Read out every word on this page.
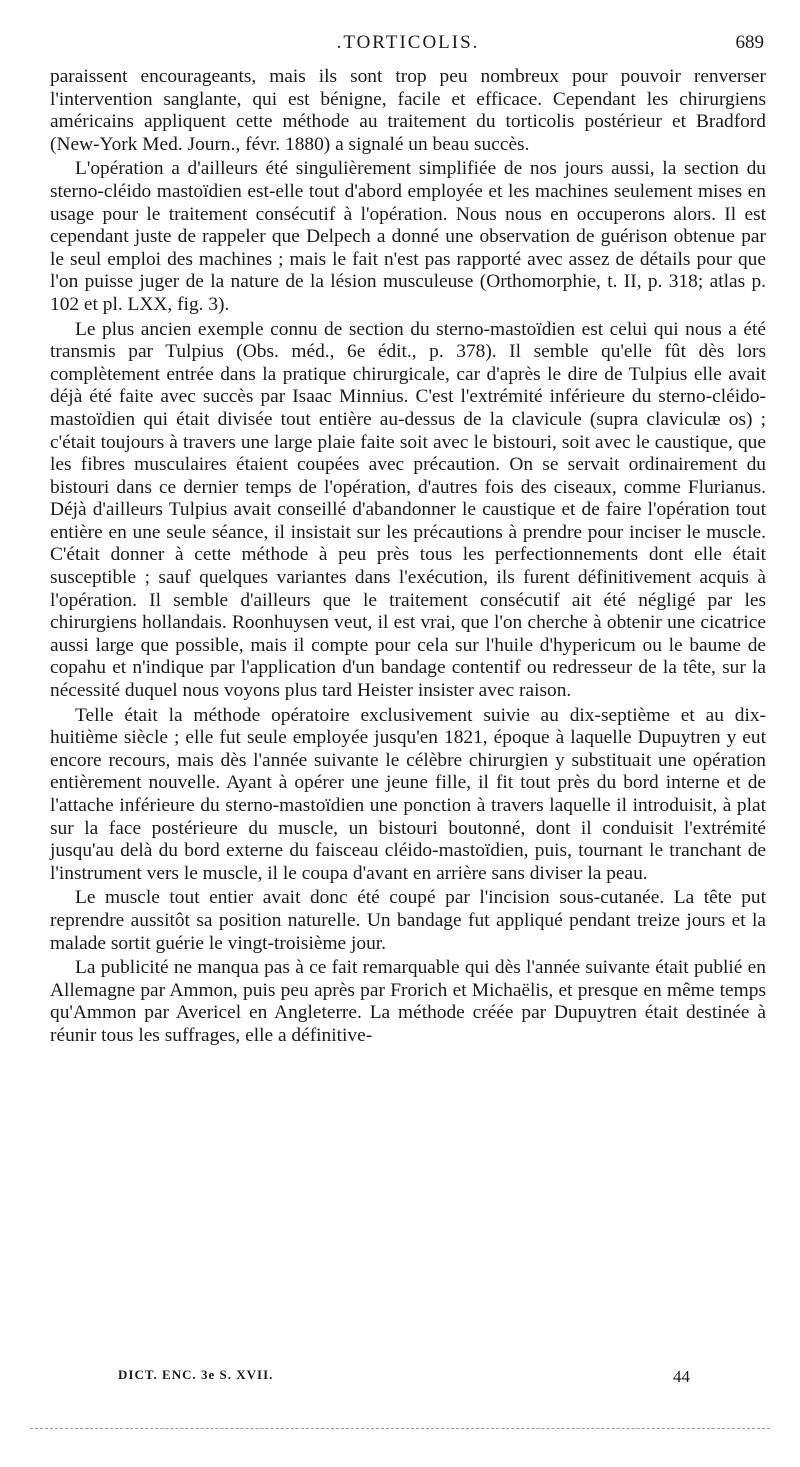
.TORTICOLIS.	689

paraissent encourageants, mais ils sont trop peu nombreux pour pouvoir renverser l'intervention sanglante, qui est bénigne, facile et efficace. Cependant les chirurgiens américains appliquent cette méthode au traitement du torticolis postérieur et Bradford (New-York Med. Journ., févr. 1880) a signalé un beau succès.

L'opération a d'ailleurs été singulièrement simplifiée de nos jours aussi, la section du sterno-cléido mastoïdien est-elle tout d'abord employée et les machines seulement mises en usage pour le traitement consécutif à l'opération. Nous nous en occuperons alors. Il est cependant juste de rappeler que Delpech a donné une observation de guérison obtenue par le seul emploi des machines ; mais le fait n'est pas rapporté avec assez de détails pour que l'on puisse juger de la nature de la lésion musculeuse (Orthomorphie, t. II, p. 318; atlas p. 102 et pl. LXX, fig. 3).

Le plus ancien exemple connu de section du sterno-mastoïdien est celui qui nous a été transmis par Tulpius (Obs. méd., 6e édit., p. 378). Il semble qu'elle fût dès lors complètement entrée dans la pratique chirurgicale, car d'après le dire de Tulpius elle avait déjà été faite avec succès par Isaac Minnius. C'est l'extrémité inférieure du sterno-cléido-mastoïdien qui était divisée tout entière au-dessus de la clavicule (supra claviculæ os) ; c'était toujours à travers une large plaie faite soit avec le bistouri, soit avec le caustique, que les fibres musculaires étaient coupées avec précaution. On se servait ordinairement du bistouri dans ce dernier temps de l'opération, d'autres fois des ciseaux, comme Flurianus. Déjà d'ailleurs Tulpius avait conseillé d'abandonner le caustique et de faire l'opération tout entière en une seule séance, il insistait sur les précautions à prendre pour inciser le muscle. C'était donner à cette méthode à peu près tous les perfectionnements dont elle était susceptible ; sauf quelques variantes dans l'exécution, ils furent définitivement acquis à l'opération. Il semble d'ailleurs que le traitement consécutif ait été négligé par les chirurgiens hollandais. Roonhuysen veut, il est vrai, que l'on cherche à obtenir une cicatrice aussi large que possible, mais il compte pour cela sur l'huile d'hypericum ou le baume de copahu et n'indique par l'application d'un bandage contentif ou redresseur de la tête, sur la nécessité duquel nous voyons plus tard Heister insister avec raison.

Telle était la méthode opératoire exclusivement suivie au dix-septième et au dix-huitième siècle ; elle fut seule employée jusqu'en 1821, époque à laquelle Dupuytren y eut encore recours, mais dès l'année suivante le célèbre chirurgien y substituait une opération entièrement nouvelle. Ayant à opérer une jeune fille, il fit tout près du bord interne et de l'attache inférieure du sterno-mastoïdien une ponction à travers laquelle il introduisit, à plat sur la face postérieure du muscle, un bistouri boutonné, dont il conduisit l'extrémité jusqu'au delà du bord externe du faisceau cléido-mastoïdien, puis, tournant le tranchant de l'instrument vers le muscle, il le coupa d'avant en arrière sans diviser la peau.

Le muscle tout entier avait donc été coupé par l'incision sous-cutanée. La tête put reprendre aussitôt sa position naturelle. Un bandage fut appliqué pendant treize jours et la malade sortit guérie le vingt-troisième jour.

La publicité ne manqua pas à ce fait remarquable qui dès l'année suivante était publié en Allemagne par Ammon, puis peu après par Frorich et Michaëlis, et presque en même temps qu'Ammon par Avericel en Angleterre. La méthode créée par Dupuytren était destinée à réunir tous les suffrages, elle a définitive-

DICT. ENC. 3e S. XVII.	44
